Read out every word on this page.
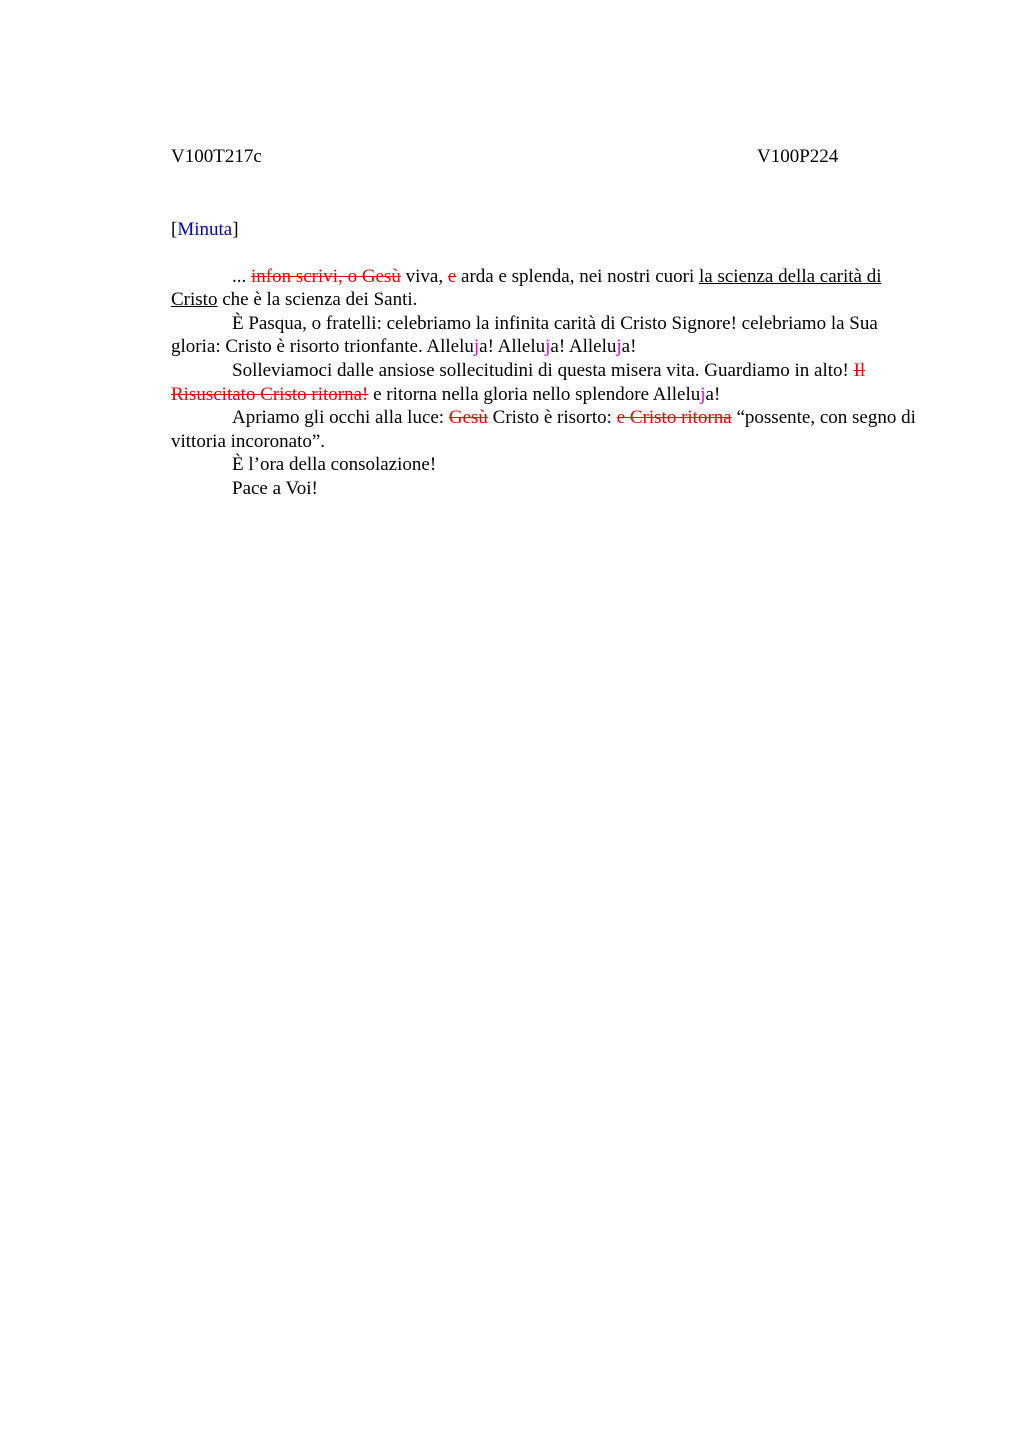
V100T217c	V100P224
[Minuta]

... infon scrivi, o Gesù viva, e arda e splenda, nei nostri cuori la scienza della carità di Cristo che è la scienza dei Santi.

È Pasqua, o fratelli: celebriamo la infinita carità di Cristo Signore! celebriamo la Sua gloria: Cristo è risorto trionfante. Alleluja! Alleluja! Alleluja!

Solleviamoci dalle ansiose sollecitudini di questa misera vita. Guardiamo in alto! Il Risuscitato Cristo ritorna! e ritorna nella gloria nello splendore Alleluja!

Apriamo gli occhi alla luce: Gesù Cristo è risorto: e Cristo ritorna “possente, con segno di vittoria incoronato”.

È l’ora della consolazione!

Pace a Voi!
